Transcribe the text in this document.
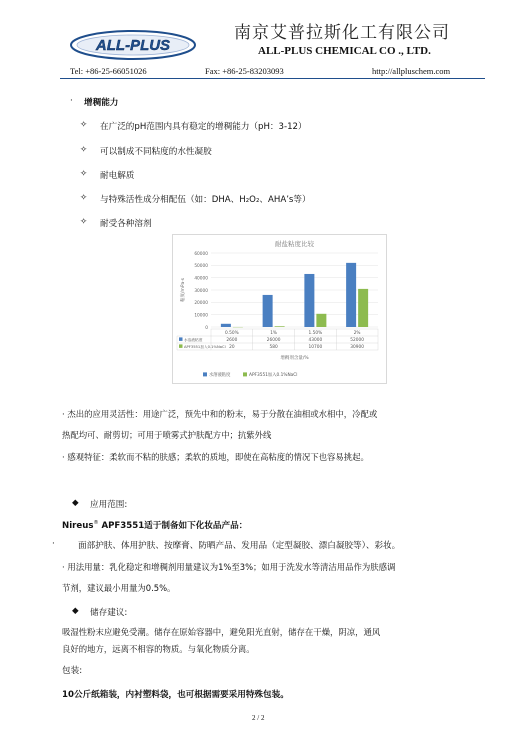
ALL-PLUS
南京艾普拉斯化工有限公司
ALL-PLUS CHEMICAL CO ., LTD.
Tel: +86-25-66051026	Fax: +86-25-83203093	http://allpluschem.com
· 增稠能力
✧ 在广泛的pH范围内具有稳定的增稠能力（pH：3-12）
✧ 可以制成不同粘度的水性凝胶
✧ 耐电解质
✧ 与特殊活性成分相配伍（如：DHA、H₂O₂、AHA’s等）
✧ 耐受各种溶剂
耐盐粘度比较
0
10000
20000
30000
40000
50000
60000
粘度/mPa·s
0.50%	1%	1.50%	2%
水溶液粘度	2600	26000	43000	52000
APF3551加入0.1%NaCl 20	580	10700	30900
增稠剂含量/%
水溶液粘度	APF3551加入0.1%NaCl
· 杰出的应用灵活性：用途广泛，预先中和的粉末，易于分散在油相或水相中，冷配或
热配均可、耐剪切；可用于喷雾式护肤配方中；抗紫外线
· 感观特征：柔软而不粘的肤感；柔软的质地，即使在高粘度的情况下也容易挑起。
◆ 应用范围:
Nireus® APF3551适于制备如下化妆品产品：
·	面部护肤、体用护肤、按摩膏、防晒产品、发用品（定型凝胶、漂白凝胶等）、彩妆。
· 用法用量：乳化稳定和增稠剂用量建议为1%至3%；如用于洗发水等清洁用品作为肤感调
节剂，建议最小用量为0.5%。
◆ 储存建议:
吸湿性粉末应避免受潮。储存在原始容器中，避免阳光直射，储存在干燥，阴凉，通风
良好的地方，远离不相容的物质。与氧化物质分离。
包装:
10公斤纸箱装，内衬塑料袋，也可根据需要采用特殊包装。
2 / 2
